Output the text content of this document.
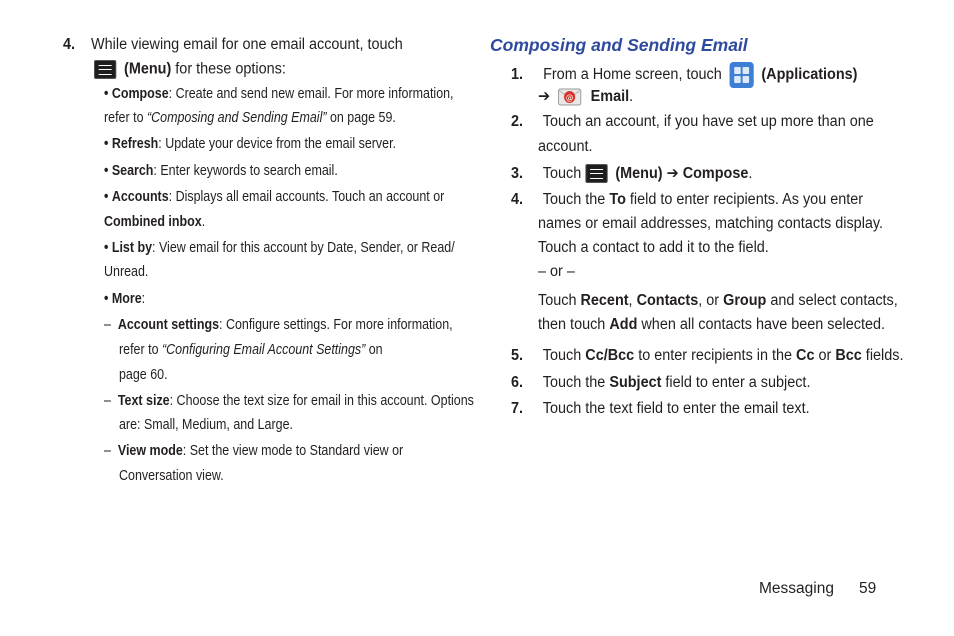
4. While viewing email for one email account, touch
(Menu) for these options:
• Compose: Create and send new email. For more information,
refer to “Composing and Sending Email” on page 59.
• Refresh: Update your device from the email server.
• Search: Enter keywords to search email.
• Accounts: Displays all email accounts. Touch an account or
Combined inbox.
• List by: View email for this account by Date, Sender, or Read/
Unread.
• More:
–  Account settings: Configure settings. For more information,
refer to “Configuring Email Account Settings” on
page 60.
–  Text size: Choose the text size for email in this account. Options
are: Small, Medium, and Large.
–  View mode: Set the view mode to Standard view or
Conversation view.
Composing and Sending Email
1. From a Home screen, touch	(Applications)
➔ @ Email.
2. Touch an account, if you have set up more than one
account.
3. Touch (Menu) ➔ Compose.
4. Touch the To field to enter recipients. As you enter
names or email addresses, matching contacts display.
Touch a contact to add it to the field.
– or –
Touch Recent, Contacts, or Group and select contacts,
then touch Add when all contacts have been selected.
5. Touch Cc/Bcc to enter recipients in the Cc or Bcc fields.
6. Touch the Subject field to enter a subject.
7. Touch the text field to enter the email text.
Messaging 59
